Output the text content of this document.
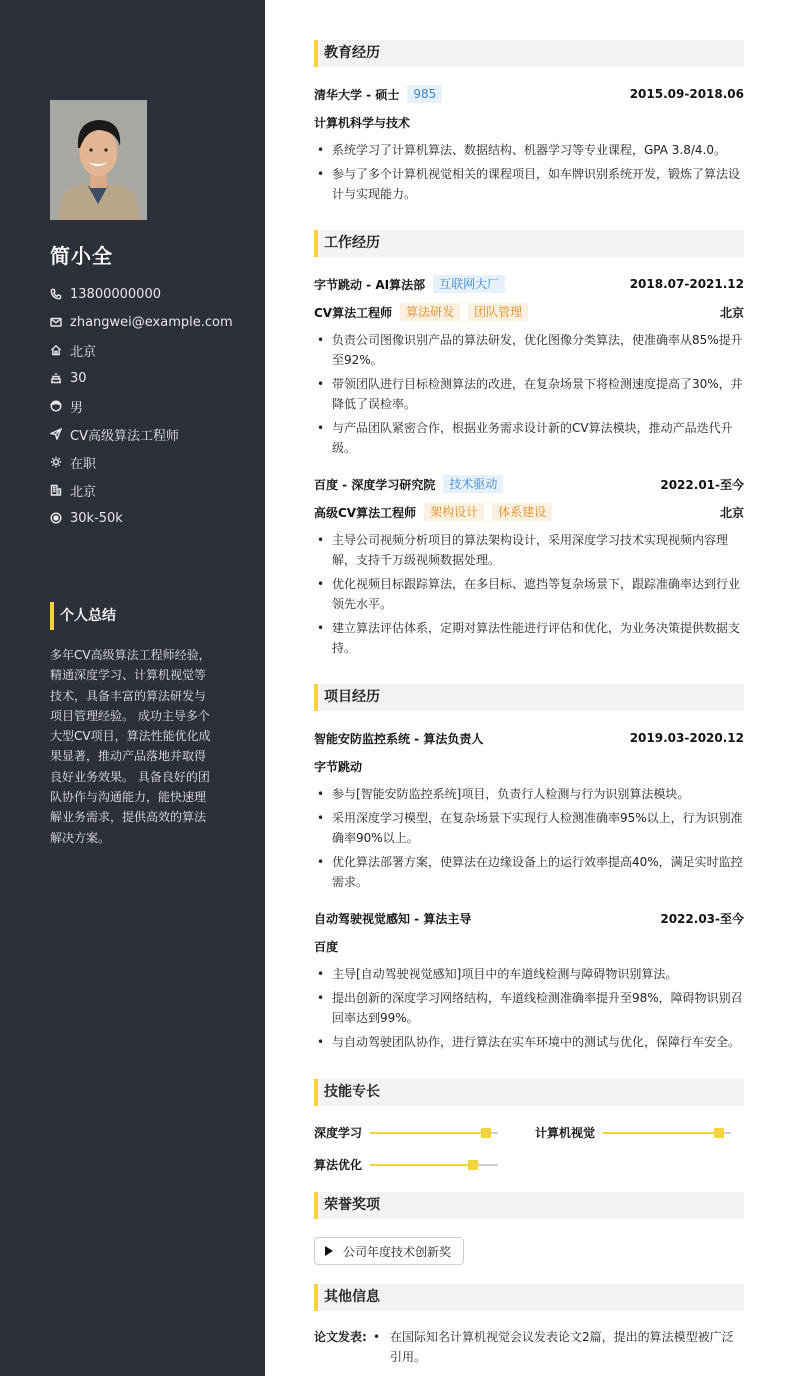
简小全
13800000000
zhangwei@example.com
北京
30
男
CV高级算法工程师
在职
北京
30k-50k
个人总结
多年CV高级算法工程师经验，精通深度学习、计算机视觉等技术，具备丰富的算法研发与项目管理经验。 成功主导多个大型CV项目，算法性能优化成果显著，推动产品落地并取得良好业务效果。 具备良好的团队协作与沟通能力，能快速理解业务需求，提供高效的算法解决方案。
教育经历
清华大学 - 硕士	985	2015.09-2018.06
计算机科学与技术
• 系统学习了计算机算法、数据结构、机器学习等专业课程，GPA 3.8/4.0。
• 参与了多个计算机视觉相关的课程项目，如车牌识别系统开发，锻炼了算法设计与实现能力。
工作经历
字节跳动 - AI算法部	互联网大厂	2018.07-2021.12
CV算法工程师	算法研发	团队管理	北京
• 负责公司图像识别产品的算法研发，优化图像分类算法，使准确率从85%提升至92%。
• 带领团队进行目标检测算法的改进，在复杂场景下将检测速度提高了30%，并降低了误检率。
• 与产品团队紧密合作，根据业务需求设计新的CV算法模块，推动产品迭代升级。
百度 - 深度学习研究院	技术驱动	2022.01-至今
高级CV算法工程师	架构设计	体系建设	北京
• 主导公司视频分析项目的算法架构设计，采用深度学习技术实现视频内容理解，支持千万级视频数据处理。
• 优化视频目标跟踪算法，在多目标、遮挡等复杂场景下，跟踪准确率达到行业领先水平。
• 建立算法评估体系，定期对算法性能进行评估和优化，为业务决策提供数据支持。
项目经历
智能安防监控系统 - 算法负责人	2019.03-2020.12
字节跳动
• 参与[智能安防监控系统]项目，负责行人检测与行为识别算法模块。
• 采用深度学习模型，在复杂场景下实现行人检测准确率95%以上，行为识别准确率90%以上。
• 优化算法部署方案，使算法在边缘设备上的运行效率提高40%，满足实时监控需求。
自动驾驶视觉感知 - 算法主导	2022.03-至今
百度
• 主导[自动驾驶视觉感知]项目中的车道线检测与障碍物识别算法。
• 提出创新的深度学习网络结构，车道线检测准确率提升至98%，障碍物识别召回率达到99%。
• 与自动驾驶团队协作，进行算法在实车环境中的测试与优化，保障行车安全。
技能专长
深度学习	计算机视觉
算法优化
荣誉奖项
公司年度技术创新奖
其他信息
论文发表:	• 在国际知名计算机视觉会议发表论文2篇，提出的算法模型被广泛引用。
